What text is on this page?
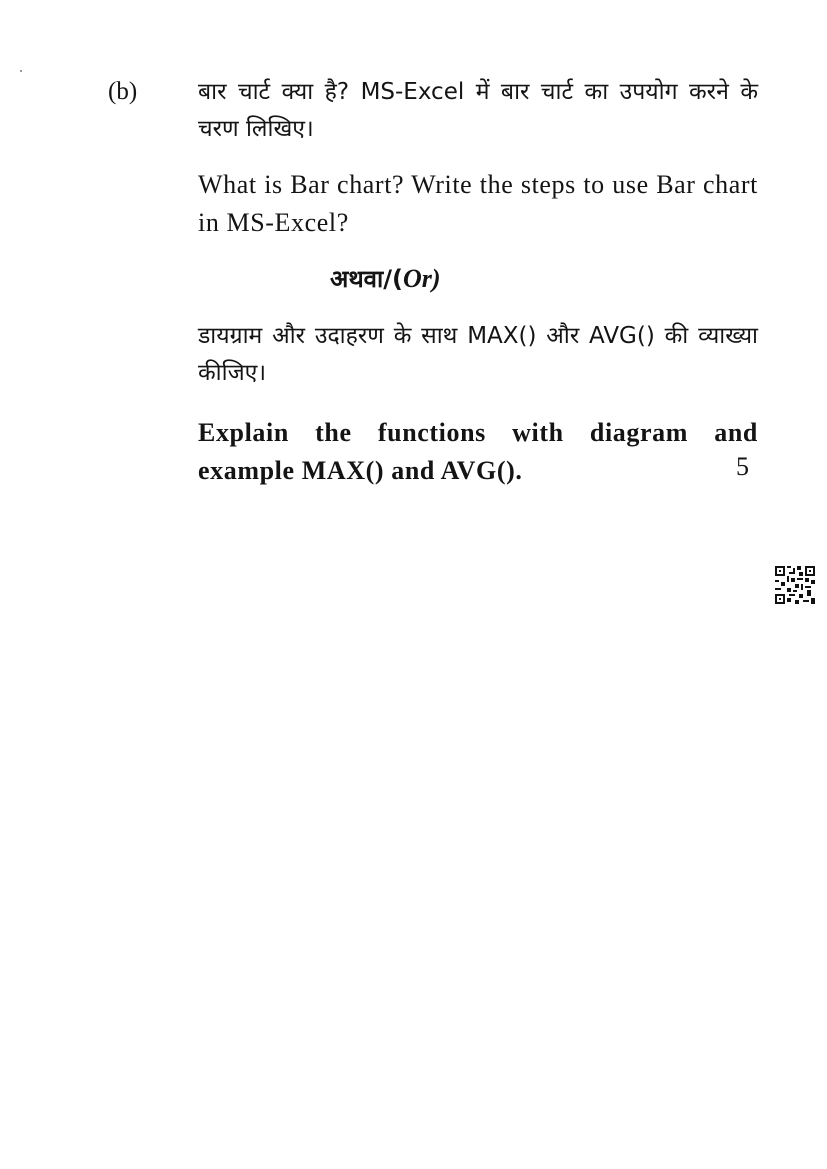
(b)	बार चार्ट क्या है? MS-Excel में बार चार्ट का उपयोग करने के चरण लिखिए।
What is Bar chart? Write the steps to use Bar chart in MS-Excel?
अथवा/(Or)
डायग्राम और उदाहरण के साथ MAX() और AVG() की व्याख्या कीजिए।
Explain the functions with diagram and example MAX() and AVG().	5
